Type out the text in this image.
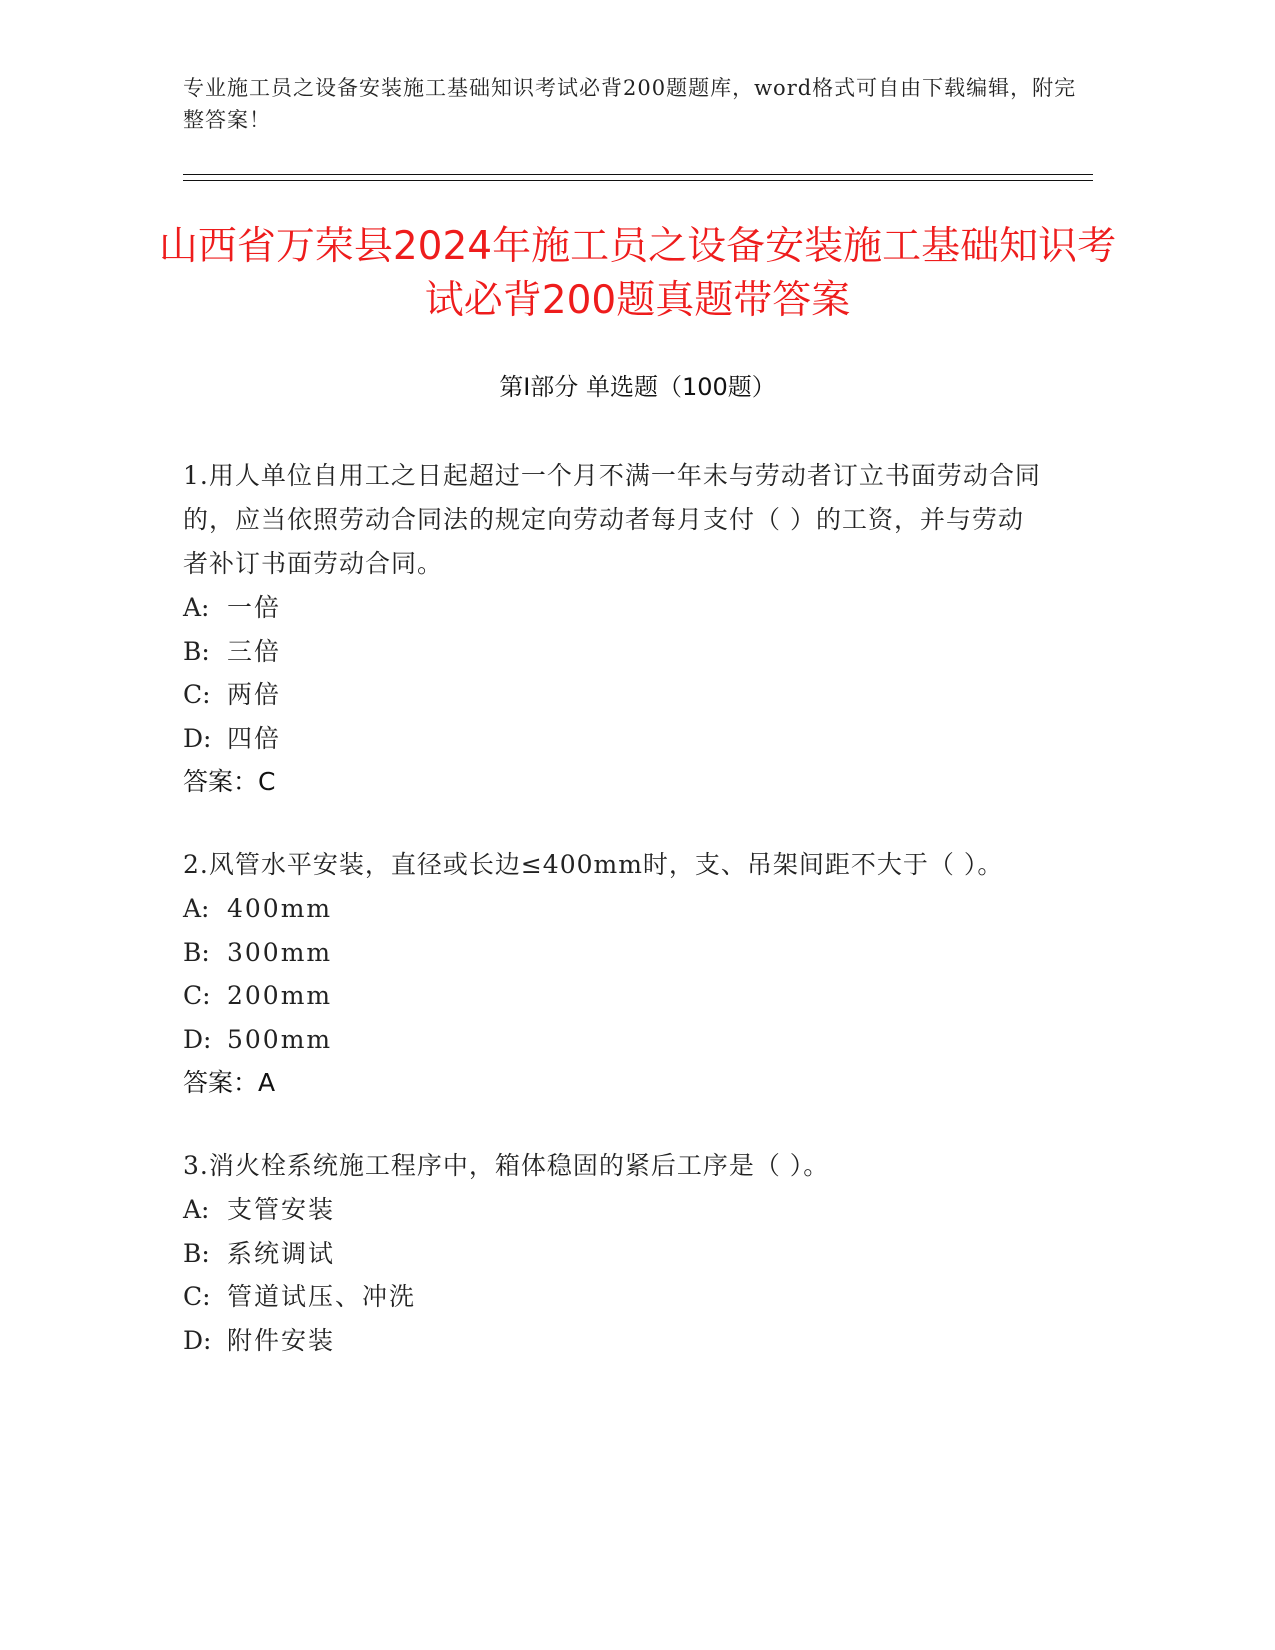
专业施工员之设备安装施工基础知识考试必背200题题库，word格式可自由下载编辑，附完整答案！
山西省万荣县2024年施工员之设备安装施工基础知识考试必背200题真题带答案
第Ⅰ部分 单选题（100题）
1.用人单位自用工之日起超过一个月不满一年未与劳动者订立书面劳动合同的，应当依照劳动合同法的规定向劳动者每月支付（ ）的工资，并与劳动者补订书面劳动合同。
A: 一倍
B: 三倍
C: 两倍
D: 四倍
答案：C
2.风管水平安装，直径或长边≤400mm时，支、吊架间距不大于（ ）。
A: 400mm
B: 300mm
C: 200mm
D: 500mm
答案：A
3.消火栓系统施工程序中，箱体稳固的紧后工序是（ ）。
A: 支管安装
B: 系统调试
C: 管道试压、冲洗
D: 附件安装
